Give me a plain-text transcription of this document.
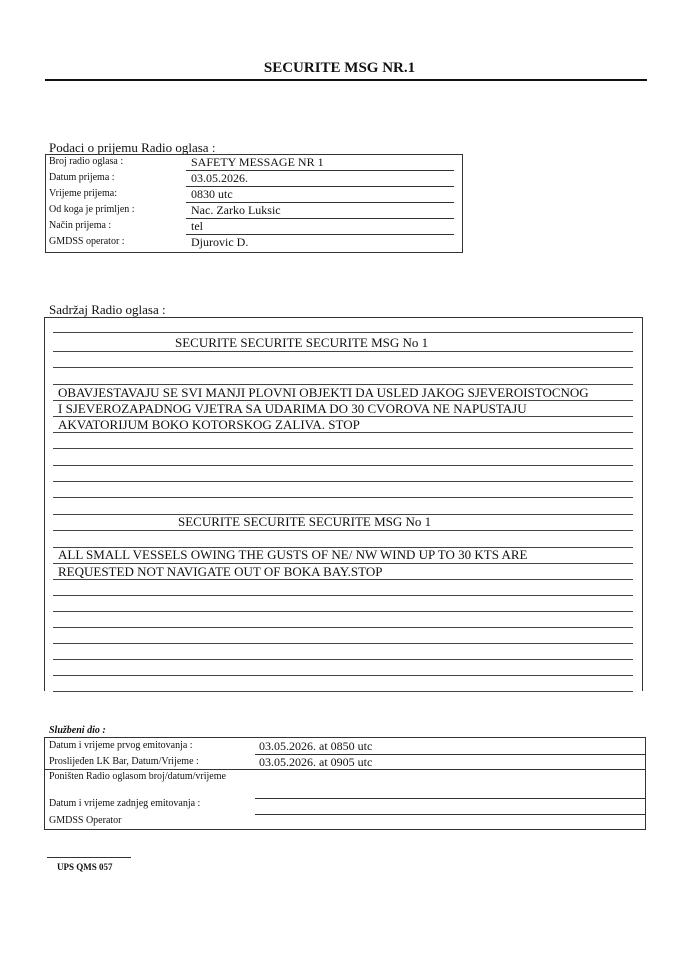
SECURITE MSG NR.1
Podaci o prijemu Radio oglasa :
Broj radio oglasa :	SAFETY MESSAGE NR 1
Datum prijema :	03.05.2026.
Vrijeme prijema:	0830 utc
Od koga je primljen :	Nac. Zarko Luksic
Način prijema :	tel
GMDSS operator :	Djurovic D.
Sadržaj Radio oglasa :
SECURITE SECURITE SECURITE MSG No 1
OBAVJESTAVAJU SE SVI MANJI PLOVNI OBJEKTI DA USLED JAKOG SJEVEROISTOCNOG
I SJEVEROZAPADNOG VJETRA SA UDARIMA DO 30 CVOROVA NE NAPUSTAJU
AKVATORIJUM BOKO KOTORSKOG ZALIVA. STOP
SECURITE SECURITE SECURITE MSG No 1
ALL SMALL VESSELS OWING THE GUSTS OF NE/ NW WIND UP TO 30 KTS ARE
REQUESTED NOT NAVIGATE OUT OF BOKA BAY.STOP
Službeni dio :
Datum i vrijeme prvog emitovanja :	03.05.2026. at 0850 utc
Proslijeđen LK Bar, Datum/Vrijeme :	03.05.2026. at 0905 utc
Poništen Radio oglasom broj/datum/vrijeme
Datum i vrijeme zadnjeg emitovanja :
GMDSS Operator
UPS QMS 057
